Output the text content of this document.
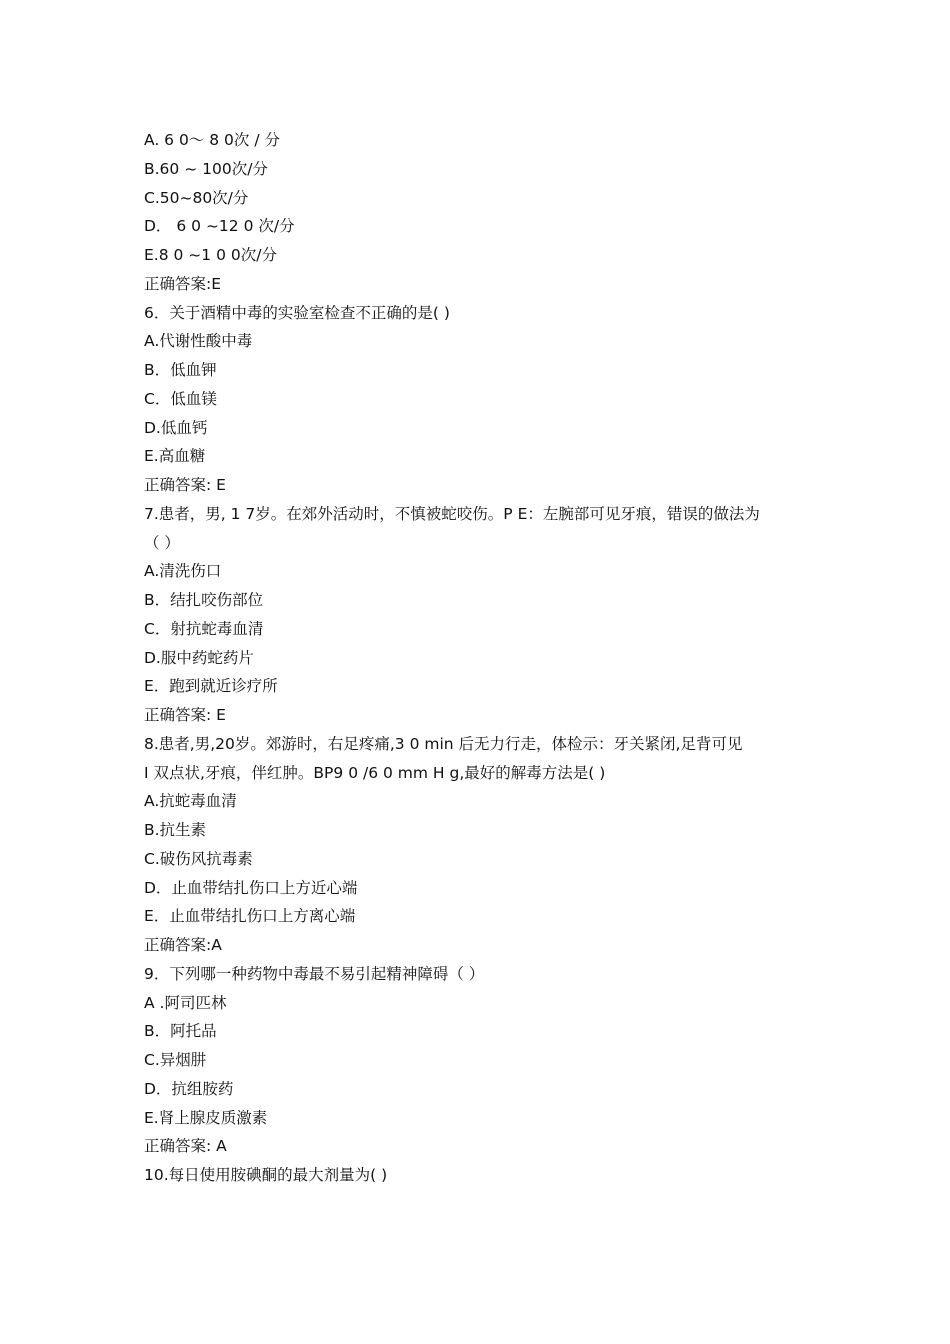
A. 6 0～ 8 0次 / 分
B.60 ~ 100次/分
C.50~80次/分
D． 6 0 ~12 0 次/分
E.8 0 ~1 0 0次/分
正确答案:E
6．关于酒精中毒的实验室检查不正确的是( )
A.代谢性酸中毒
B．低血钾
C．低血镁
D.低血钙
E.高血糖
正确答案: E
7.患者，男, 1 7岁。在郊外活动时，不慎被蛇咬伤。P E：左腕部可见牙痕，错误的做法为
（ ）
A.清洗伤口
B．结扎咬伤部位
C．射抗蛇毒血清
D.服中药蛇药片
E．跑到就近诊疗所
正确答案: E
8.患者,男,20岁。郊游时，右足疼痛,3 0 min 后无力行走，体检示：牙关紧闭,足背可见
I 双点状,牙痕，伴红肿。BP9 0 /6 0 mm H g,最好的解毒方法是( )
A.抗蛇毒血清
B.抗生素
C.破伤风抗毒素
D．止血带结扎伤口上方近心端
E．止血带结扎伤口上方离心端
正确答案:A
9．下列哪一种药物中毒最不易引起精神障碍（ ）
A .阿司匹林
B．阿托品
C.异烟肼
D．抗组胺药
E.肾上腺皮质激素
正确答案: A
10.每日使用胺碘酮的最大剂量为( )
